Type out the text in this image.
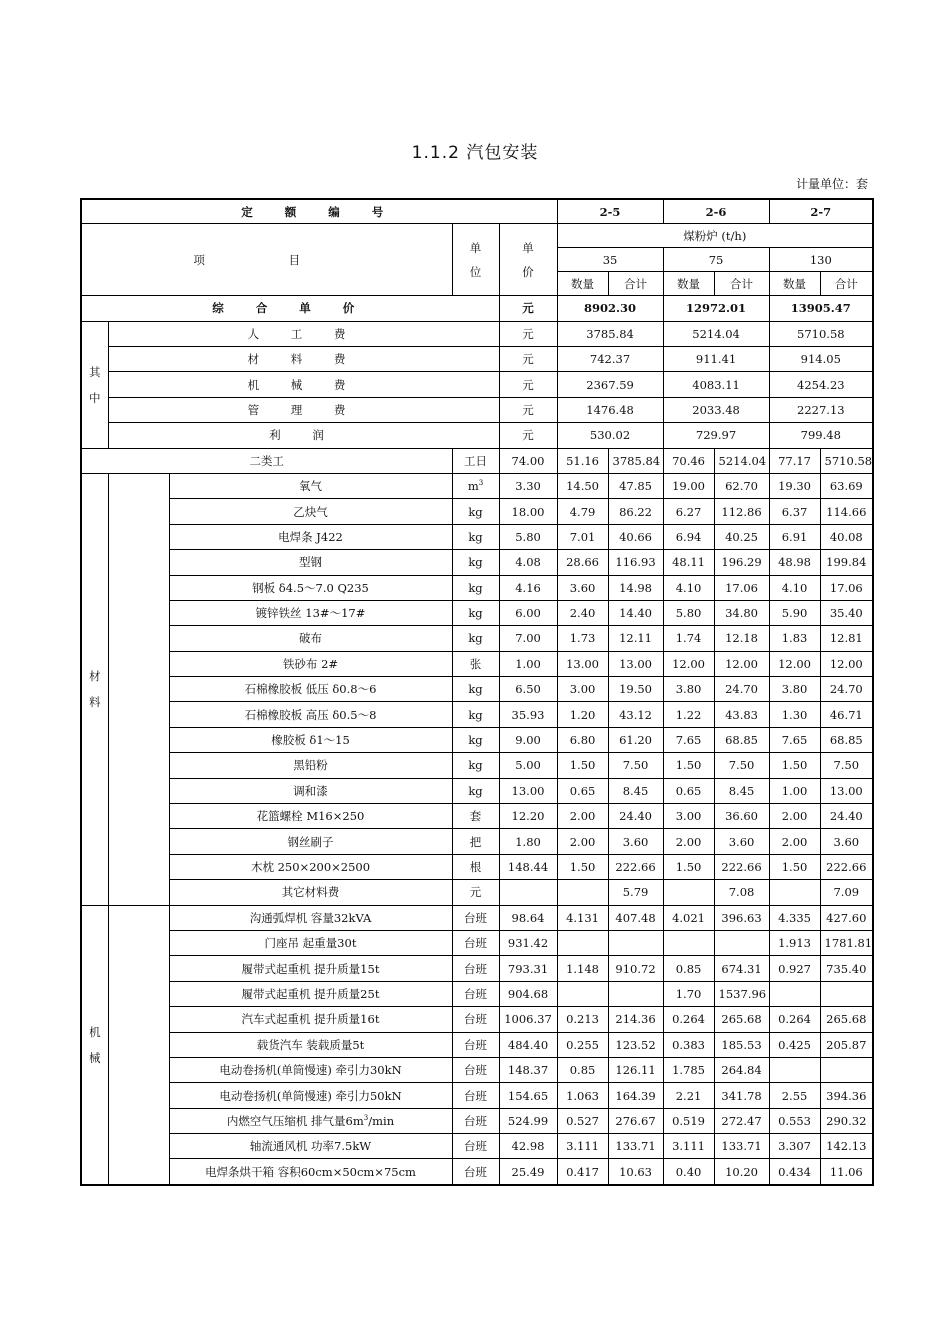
1.1.2 汽包安装
计量单位：套
定 额 编 号					2-5		2-6		2-7	
项 目			单位	单价	煤粉炉 (t/h)					
					35		75		130	
					数量	合计	数量	合计	数量	合计
综 合 单 价				元	8902.30		12972.01		13905.47	

其中	人 工 费			元	3785.84		5214.04		5710.58	
	材 料 费			元	742.37		911.41		914.05	
	机 械 费			元	2367.59		4083.11		4254.23	
	管 理 费			元	1476.48		2033.48		2227.13	
	利 润			元	530.02		729.97		799.48	
二类工			工日	74.00	51.16	3785.84	70.46	5214.04	77.17	5710.58

材料		氧气	$m^3$	3.30	14.50	47.85	19.00	62.70	19.30	63.69
		乙炔气	kg	18.00	4.79	86.22	6.27	112.86	6.37	114.66
		电焊条 J422	kg	5.80	7.01	40.66	6.94	40.25	6.91	40.08
		型钢	kg	4.08	28.66	116.93	48.11	196.29	48.98	199.84
		钢板 δ4.5～7.0 Q235	kg	4.16	3.60	14.98	4.10	17.06	4.10	17.06
		镀锌铁丝 13#～17#	kg	6.00	2.40	14.40	5.80	34.80	5.90	35.40
		破布	kg	7.00	1.73	12.11	1.74	12.18	1.83	12.81
		铁砂布 2#	张	1.00	13.00	13.00	12.00	12.00	12.00	12.00
		石棉橡胶板 低压 δ0.8～6	kg	6.50	3.00	19.50	3.80	24.70	3.80	24.70
		石棉橡胶板 高压 δ0.5～8	kg	35.93	1.20	43.12	1.22	43.83	1.30	46.71
		橡胶板 δ1～15	kg	9.00	6.80	61.20	7.65	68.85	7.65	68.85
		黑铅粉	kg	5.00	1.50	7.50	1.50	7.50	1.50	7.50
		调和漆	kg	13.00	0.65	8.45	0.65	8.45	1.00	13.00
		花篮螺栓 M16×250	套	12.20	2.00	24.40	3.00	36.60	2.00	24.40
		钢丝刷子	把	1.80	2.00	3.60	2.00	3.60	2.00	3.60
		木枕 250×200×2500	根	148.44	1.50	222.66	1.50	222.66	1.50	222.66
		其它材料费	元			5.79		7.08		7.09

机械		沟通弧焊机 容量32kVA	台班	98.64	4.131	407.48	4.021	396.63	4.335	427.60
		门座吊 起重量30t	台班	931.42					1.913	1781.81
		履带式起重机 提升质量15t	台班	793.31	1.148	910.72	0.85	674.31	0.927	735.40
		履带式起重机 提升质量25t	台班	904.68			1.70	1537.96		
		汽车式起重机 提升质量16t	台班	1006.37	0.213	214.36	0.264	265.68	0.264	265.68
		载货汽车 装载质量5t	台班	484.40	0.255	123.52	0.383	185.53	0.425	205.87
		电动卷扬机(单筒慢速) 牵引力30kN	台班	148.37	0.85	126.11	1.785	264.84		
		电动卷扬机(单筒慢速) 牵引力50kN	台班	154.65	1.063	164.39	2.21	341.78	2.55	394.36
		内燃空气压缩机 排气量$6m^3/\min$	台班	524.99	0.527	276.67	0.519	272.47	0.553	290.32
		轴流通风机 功率7.5kW	台班	42.98	3.111	133.71	3.111	133.71	3.307	142.13
		电焊条烘干箱 容积60cm×50cm×75cm	台班	25.49	0.417	10.63	0.40	10.20	0.434	11.06
